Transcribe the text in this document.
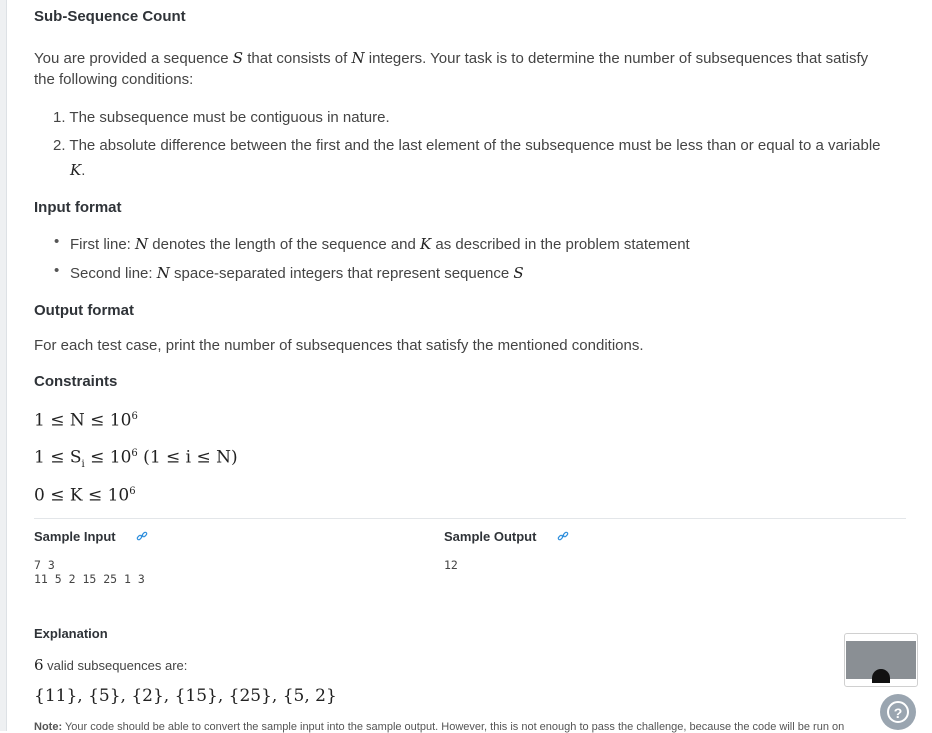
Sub-Sequence Count
You are provided a sequence S that consists of N integers. Your task is to determine the number of subsequences that satisfy
the following conditions:
1. The subsequence must be contiguous in nature.
2. The absolute difference between the first and the last element of the subsequence must be less than or equal to a variable
K.
Input format
• First line: N denotes the length of the sequence and K as described in the problem statement
• Second line: N space-separated integers that represent sequence S
Output format
For each test case, print the number of subsequences that satisfy the mentioned conditions.
Constraints
$1 \le N \le 10^6$
$1 \le S_i \le 10^6$ (1 ≤ i ≤ N)
$0 \le K \le 10^6$
Sample Input	Sample Output
7 3
11 5 2 15 25 1 3
12
Explanation
6 valid subsequences are:
{11}, {5}, {2}, {15}, {25}, {5, 2}
Note: Your code should be able to convert the sample input into the sample output. However, this is not enough to pass the challenge, because the code will be run on
?
